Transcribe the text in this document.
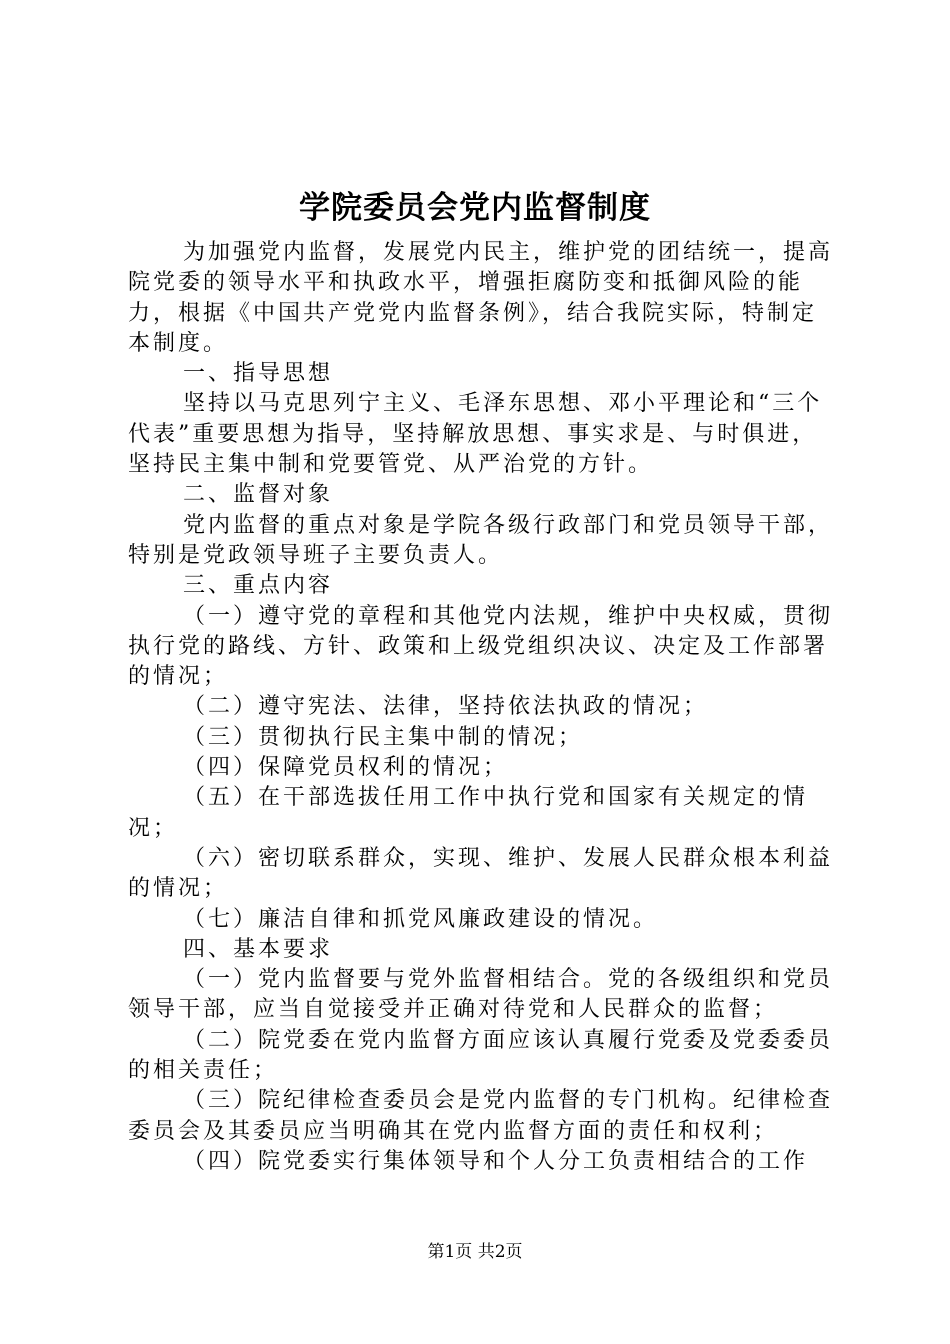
学院委员会党内监督制度

为加强党内监督，发展党内民主，维护党的团结统一，提高院党委的领导水平和执政水平，增强拒腐防变和抵御风险的能力，根据《中国共产党党内监督条例》，结合我院实际，特制定本制度。

一、指导思想

坚持以马克思列宁主义、毛泽东思想、邓小平理论和“三个代表”重要思想为指导，坚持解放思想、事实求是、与时俱进，坚持民主集中制和党要管党、从严治党的方针。

二、监督对象

党内监督的重点对象是学院各级行政部门和党员领导干部，特别是党政领导班子主要负责人。

三、重点内容

（一）遵守党的章程和其他党内法规，维护中央权威，贯彻执行党的路线、方针、政策和上级党组织决议、决定及工作部署的情况；

（二）遵守宪法、法律，坚持依法执政的情况；

（三）贯彻执行民主集中制的情况；

（四）保障党员权利的情况；

（五）在干部选拔任用工作中执行党和国家有关规定的情况；

（六）密切联系群众，实现、维护、发展人民群众根本利益的情况；

（七）廉洁自律和抓党风廉政建设的情况。

四、基本要求

（一）党内监督要与党外监督相结合。党的各级组织和党员领导干部，应当自觉接受并正确对待党和人民群众的监督；

（二）院党委在党内监督方面应该认真履行党委及党委委员的相关责任；

（三）院纪律检查委员会是党内监督的专门机构。纪律检查委员会及其委员应当明确其在党内监督方面的责任和权利；

（四）院党委实行集体领导和个人分工负责相结合的工作

第1页 共2页
